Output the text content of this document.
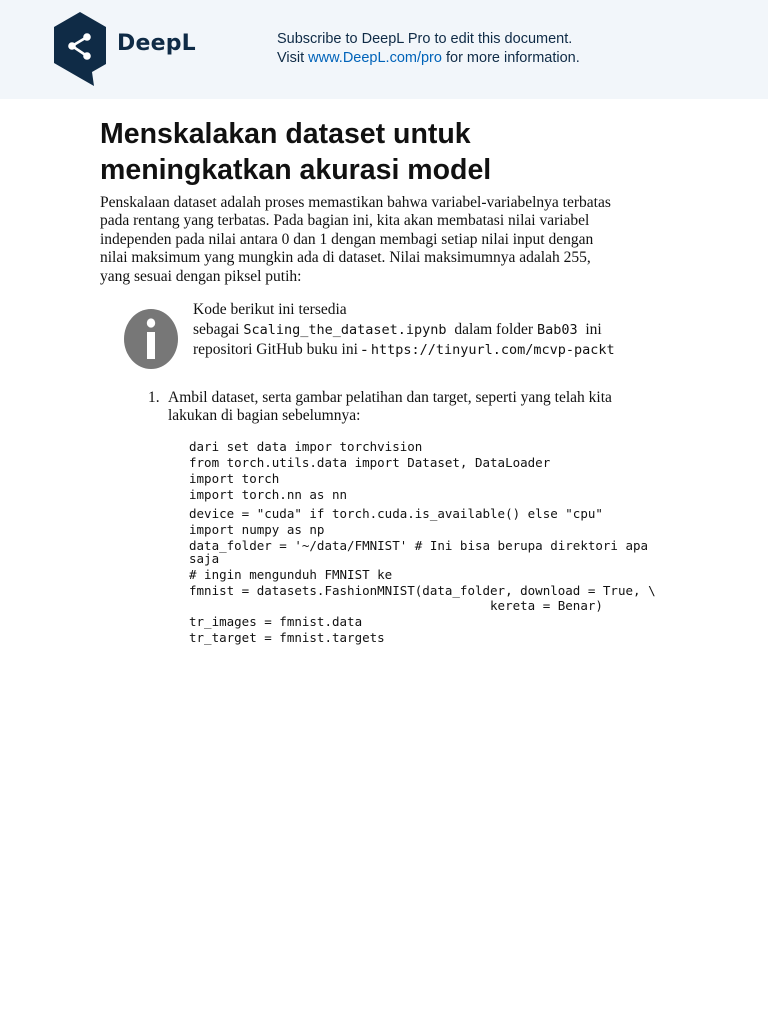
DeepL	Subscribe to DeepL Pro to edit this document.
Visit www.DeepL.com/pro for more information.
Menskalakan dataset untuk
meningkatkan akurasi model
Penskalaan dataset adalah proses memastikan bahwa variabel-variabelnya terbatas
pada rentang yang terbatas. Pada bagian ini, kita akan membatasi nilai variabel
independen pada nilai antara 0 dan 1 dengan membagi setiap nilai input dengan
nilai maksimum yang mungkin ada di dataset. Nilai maksimumnya adalah 255,
yang sesuai dengan piksel putih:
Kode berikut ini tersedia
sebagai Scaling_the_dataset.ipynb  dalam folder Bab03  ini
repositori GitHub buku ini - https://tinyurl.com/mcvp-packt
1. Ambil dataset, serta gambar pelatihan dan target, seperti yang telah kita
lakukan di bagian sebelumnya:
dari set data impor torchvision
from torch.utils.data import Dataset, DataLoader
import torch
import torch.nn as nn
device = "cuda" if torch.cuda.is_available() else "cpu"
import numpy as np
data_folder = '~/data/FMNIST' # Ini bisa berupa direktori apa
saja
# ingin mengunduh FMNIST ke
fmnist = datasets.FashionMNIST(data_folder, download = True, \
kereta = Benar)
tr_images = fmnist.data
tr_target = fmnist.targets
